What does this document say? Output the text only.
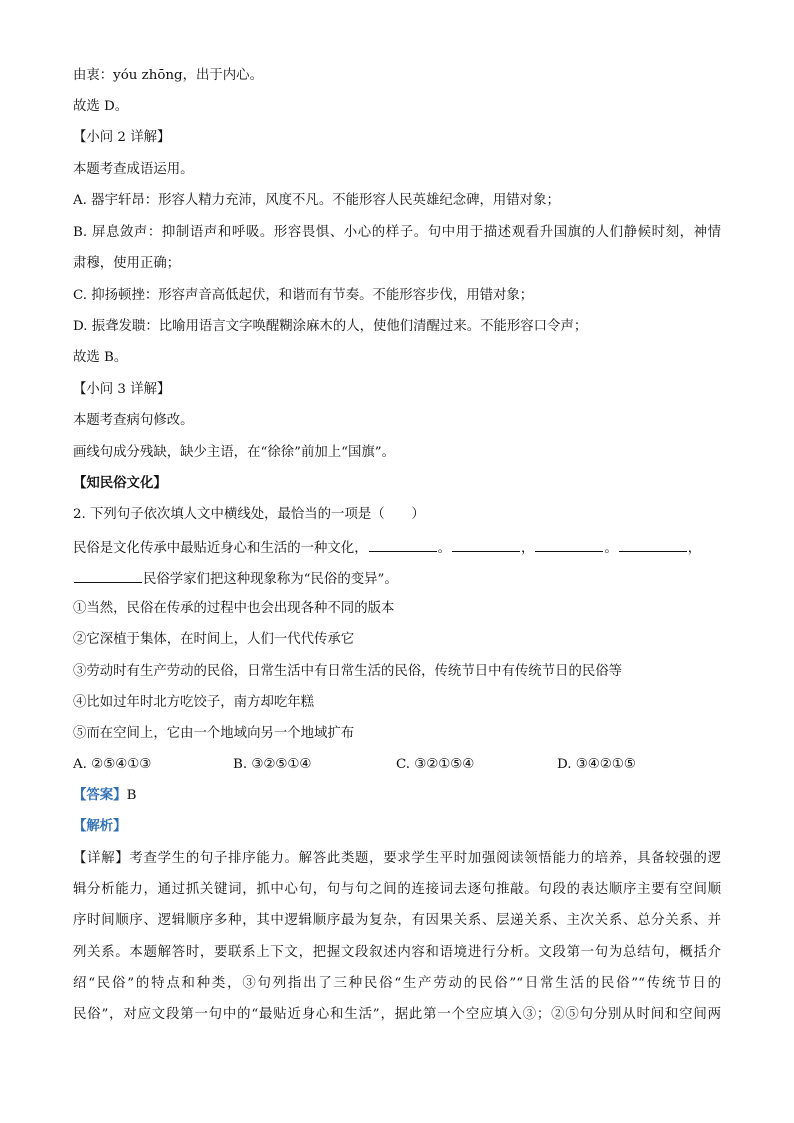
由衷：yóu zhōng，出于内心。
故选 D。
【小问 2 详解】
本题考查成语运用。
A. 器宇轩昂：形容人精力充沛，风度不凡。不能形容人民英雄纪念碑，用错对象；
B. 屏息敛声：抑制语声和呼吸。形容畏惧、小心的样子。句中用于描述观看升国旗的人们静候时刻，神情
肃穆，使用正确；
C. 抑扬顿挫：形容声音高低起伏，和谐而有节奏。不能形容步伐，用错对象；
D. 振聋发聩：比喻用语言文字唤醒糊涂麻木的人，使他们清醒过来。不能形容口令声；
故选 B。
【小问 3 详解】
本题考查病句修改。
画线句成分残缺，缺少主语，在“徐徐”前加上“国旗”。
【知民俗文化】
2. 下列句子依次填人文中横线处，最恰当的一项是（　　）
民俗是文化传承中最贴近身心和生活的一种文化，	。	，	。	，
民俗学家们把这种现象称为“民俗的变异”。
①当然，民俗在传承的过程中也会出现各种不同的版本
②它深植于集体，在时间上，人们一代代传承它
③劳动时有生产劳动的民俗，日常生活中有日常生活的民俗，传统节日中有传统节日的民俗等
④比如过年时北方吃饺子，南方却吃年糕
⑤而在空间上，它由一个地域向另一个地域扩布
A. ②⑤④①③	B. ③②⑤①④	C. ③②①⑤④	D. ③④②①⑤
【答案】B
【解析】
【详解】考查学生的句子排序能力。解答此类题，要求学生平时加强阅读领悟能力的培养，具备较强的逻
辑分析能力，通过抓关键词，抓中心句，句与句之间的连接词去逐句推敲。句段的表达顺序主要有空间顺
序时间顺序、逻辑顺序多种，其中逻辑顺序最为复杂，有因果关系、层递关系、主次关系、总分关系、并
列关系。本题解答时，要联系上下文，把握文段叙述内容和语境进行分析。文段第一句为总结句，概括介
绍“民俗”的特点和种类，③句列指出了三种民俗“生产劳动的民俗”“日常生活的民俗”“传统节日的
民俗”，对应文段第一句中的“最贴近身心和生活”，据此第一个空应填入③；②⑤句分别从时间和空间两
